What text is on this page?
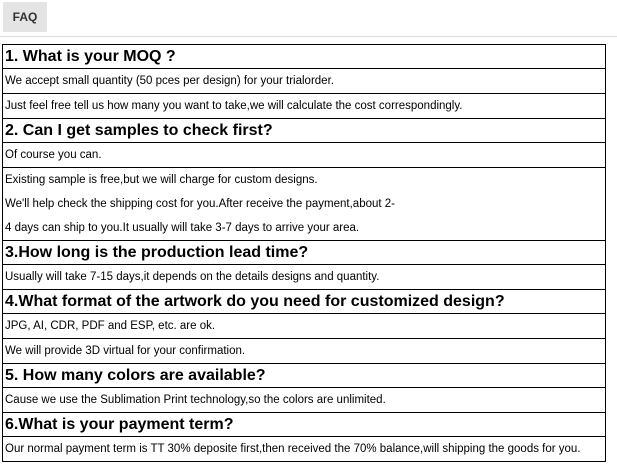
FAQ
1. What is your MOQ ?

We accept small quantity (50 pces per design) for your trialorder.

Just feel free tell us how many you want to take,we will calculate the cost correspondingly.

2. Can I get samples to check first?

Of course you can.

Existing sample is free,but we will charge for custom designs.
We'll help check the shipping cost for you.After receive the payment,about 2-
4 days can ship to you.It usually will take 3-7 days to arrive your area.

3.How long is the production lead time?

Usually will take 7-15 days,it depends on the details designs and quantity.

4.What format of the artwork do you need for customized design?

JPG, AI, CDR, PDF and ESP, etc. are ok.

We will provide 3D virtual for your confirmation.

5. How many colors are available?

Cause we use the Sublimation Print technology,so the colors are unlimited.

6.What is your payment term?

Our normal payment term is TT 30% deposite first,then received the 70% balance,will shipping the goods for you.
